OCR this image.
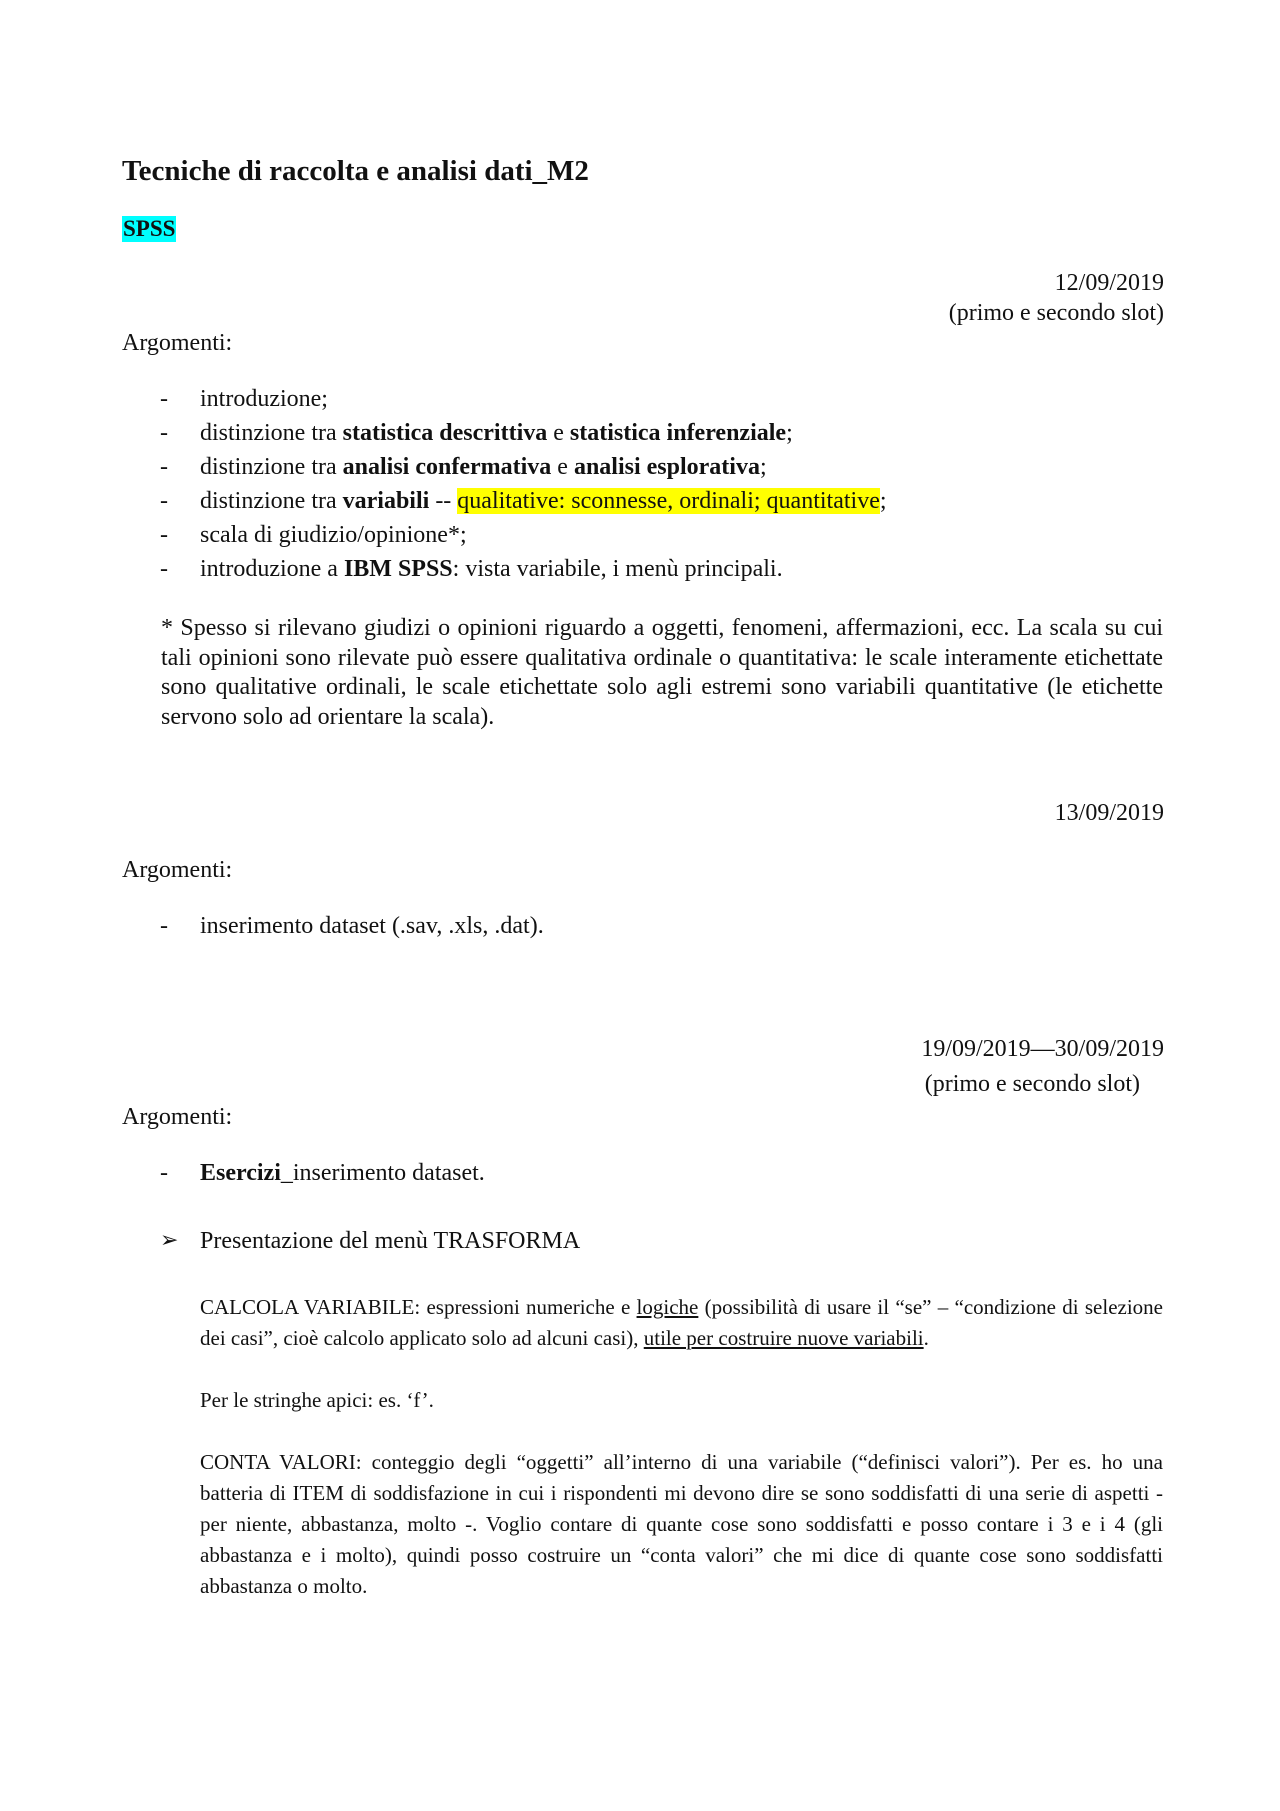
Tecniche di raccolta e analisi dati_M2
SPSS
12/09/2019
(primo e secondo slot)
Argomenti:
- introduzione;
- distinzione tra statistica descrittiva e statistica inferenziale;
- distinzione tra analisi confermativa e analisi esplorativa;
- distinzione tra variabili -- qualitative: sconnesse, ordinali; quantitative;
- scala di giudizio/opinione*;
- introduzione a IBM SPSS: vista variabile, i menù principali.
* Spesso si rilevano giudizi o opinioni riguardo a oggetti, fenomeni, affermazioni, ecc. La scala su cui tali opinioni sono rilevate può essere qualitativa ordinale o quantitativa: le scale interamente etichettate sono qualitative ordinali, le scale etichettate solo agli estremi sono variabili quantitative (le etichette servono solo ad orientare la scala).
13/09/2019
Argomenti:
- inserimento dataset (.sav, .xls, .dat).
19/09/2019—30/09/2019
(primo e secondo slot)
Argomenti:
- Esercizi_inserimento dataset.
➢ Presentazione del menù TRASFORMA
CALCOLA VARIABILE: espressioni numeriche e logiche (possibilità di usare il “se” – “condizione di selezione dei casi”, cioè calcolo applicato solo ad alcuni casi), utile per costruire nuove variabili.
Per le stringhe apici: es. ‘f’.
CONTA VALORI: conteggio degli “oggetti” all’interno di una variabile (“definisci valori”). Per es. ho una batteria di ITEM di soddisfazione in cui i rispondenti mi devono dire se sono soddisfatti di una serie di aspetti - per niente, abbastanza, molto -. Voglio contare di quante cose sono soddisfatti e posso contare i 3 e i 4 (gli abbastanza e i molto), quindi posso costruire un “conta valori” che mi dice di quante cose sono soddisfatti abbastanza o molto.
